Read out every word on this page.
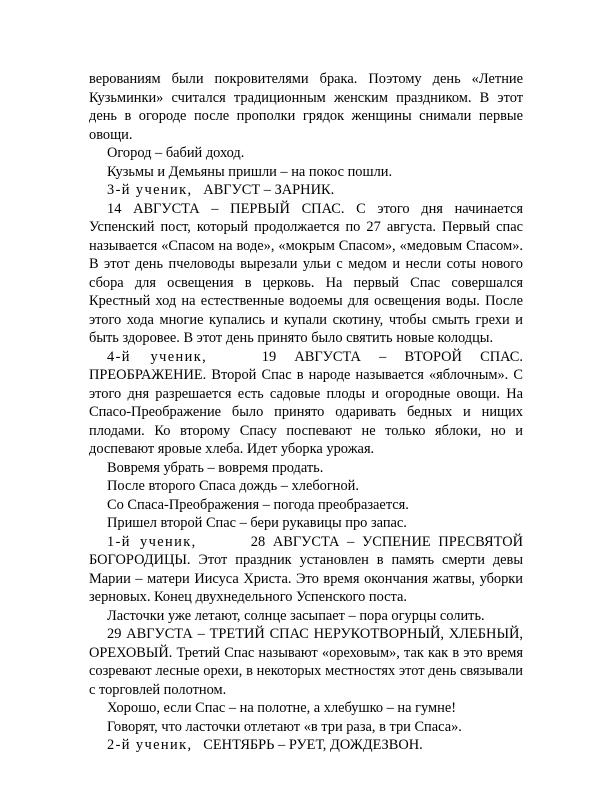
верованиям были покровителями брака. Поэтому день «Летние Кузьминки» считался традиционным женским праздником. В этот день в огороде после прополки грядок женщины снимали первые овощи.

Огород – бабий доход.

Кузьмы и Демьяны пришли – на покос пошли.

3-й ученик, АВГУСТ – ЗАРНИК.

14 АВГУСТА – ПЕРВЫЙ СПАС. С этого дня начинается Успенский пост, который продолжается по 27 августа. Первый спас называется «Спасом на воде», «мокрым Спасом», «медовым Спасом». В этот день пчеловоды вырезали ульи с медом и несли соты нового сбора для освещения в церковь. На первый Спас совершался Крестный ход на естественные водоемы для освещения воды. После этого хода многие купались и купали скотину, чтобы смыть грехи и быть здоровее. В этот день принято было святить новые колодцы.

4-й ученик,	19 АВГУСТА – ВТОРОЙ СПАС. ПРЕОБРАЖЕНИЕ. Второй Спас в народе называется «яблочным». С этого дня разрешается есть садовые плоды и огородные овощи. На Спасо-Преображение было принято одаривать бедных и нищих плодами. Ко второму Спасу поспевают не только яблоки, но и доспевают яровые хлеба. Идет уборка урожая.

Вовремя убрать – вовремя продать.

После второго Спаса дождь – хлебогной.

Со Спаса-Преображения – погода преобразается.

Пришел второй Спас – бери рукавицы про запас.

1-й ученик,	28 АВГУСТА – УСПЕНИЕ ПРЕСВЯТОЙ БОГОРОДИЦЫ. Этот праздник установлен в память смерти девы Марии – матери Иисуса Христа. Это время окончания жатвы, уборки зерновых. Конец двухнедельного Успенского поста.

Ласточки уже летают, солнце засыпает – пора огурцы солить.

29 АВГУСТА – ТРЕТИЙ СПАС НЕРУКОТВОРНЫЙ, ХЛЕБНЫЙ, ОРЕХОВЫЙ. Третий Спас называют «ореховым», так как в это время созревают лесные орехи, в некоторых местностях этот день связывали с торговлей полотном.

Хорошо, если Спас – на полотне, а хлебушко – на гумне!

Говорят, что ласточки отлетают «в три раза, в три Спаса».

2-й ученик, СЕНТЯБРЬ – РУЕТ, ДОЖДЕЗВОН.
